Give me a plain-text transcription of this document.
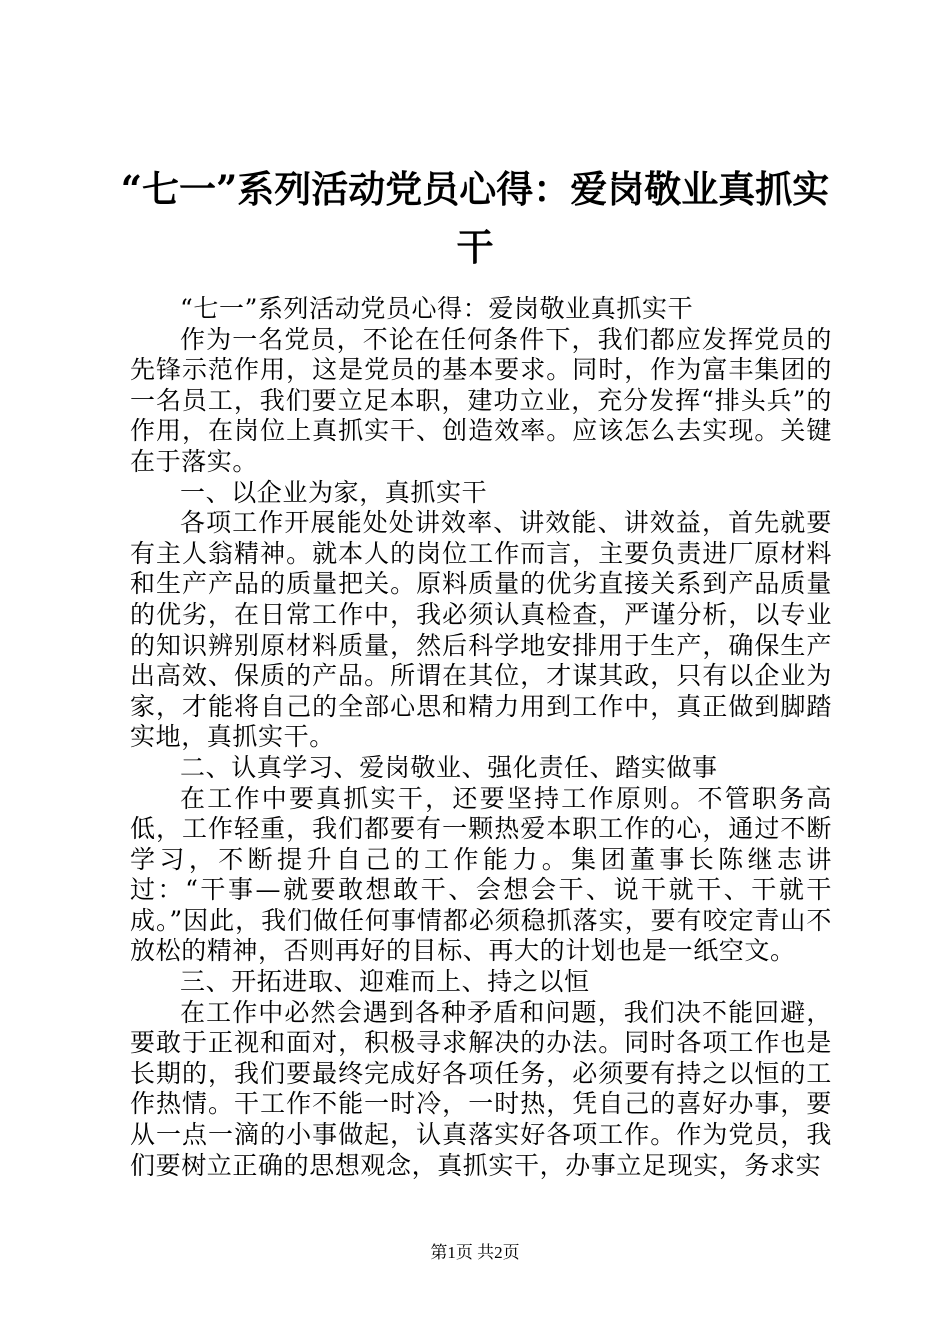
“七一”系列活动党员心得：爱岗敬业真抓实干

“七一”系列活动党员心得：爱岗敬业真抓实干

作为一名党员，不论在任何条件下，我们都应发挥党员的先锋示范作用，这是党员的基本要求。同时，作为富丰集团的一名员工，我们要立足本职，建功立业，充分发挥“排头兵”的作用，在岗位上真抓实干、创造效率。应该怎么去实现。关键在于落实。

一、以企业为家，真抓实干

各项工作开展能处处讲效率、讲效能、讲效益，首先就要有主人翁精神。就本人的岗位工作而言，主要负责进厂原材料和生产产品的质量把关。原料质量的优劣直接关系到产品质量的优劣，在日常工作中，我必须认真检查，严谨分析，以专业的知识辨别原材料质量，然后科学地安排用于生产，确保生产出高效、保质的产品。所谓在其位，才谋其政，只有以企业为家，才能将自己的全部心思和精力用到工作中，真正做到脚踏实地，真抓实干。

二、认真学习、爱岗敬业、强化责任、踏实做事

在工作中要真抓实干，还要坚持工作原则。不管职务高低，工作轻重，我们都要有一颗热爱本职工作的心，通过不断学习，不断提升自己的工作能力。集团董事长陈继志讲过：“干事—就要敢想敢干、会想会干、说干就干、干就干成。”因此，我们做任何事情都必须稳抓落实，要有咬定青山不放松的精神，否则再好的目标、再大的计划也是一纸空文。

三、开拓进取、迎难而上、持之以恒

在工作中必然会遇到各种矛盾和问题，我们决不能回避，要敢于正视和面对，积极寻求解决的办法。同时各项工作也是长期的，我们要最终完成好各项任务，必须要有持之以恒的工作热情。干工作不能一时冷，一时热，凭自己的喜好办事，要从一点一滴的小事做起，认真落实好各项工作。作为党员，我们要树立正确的思想观念，真抓实干，办事立足现实，务求实

第1页 共2页
